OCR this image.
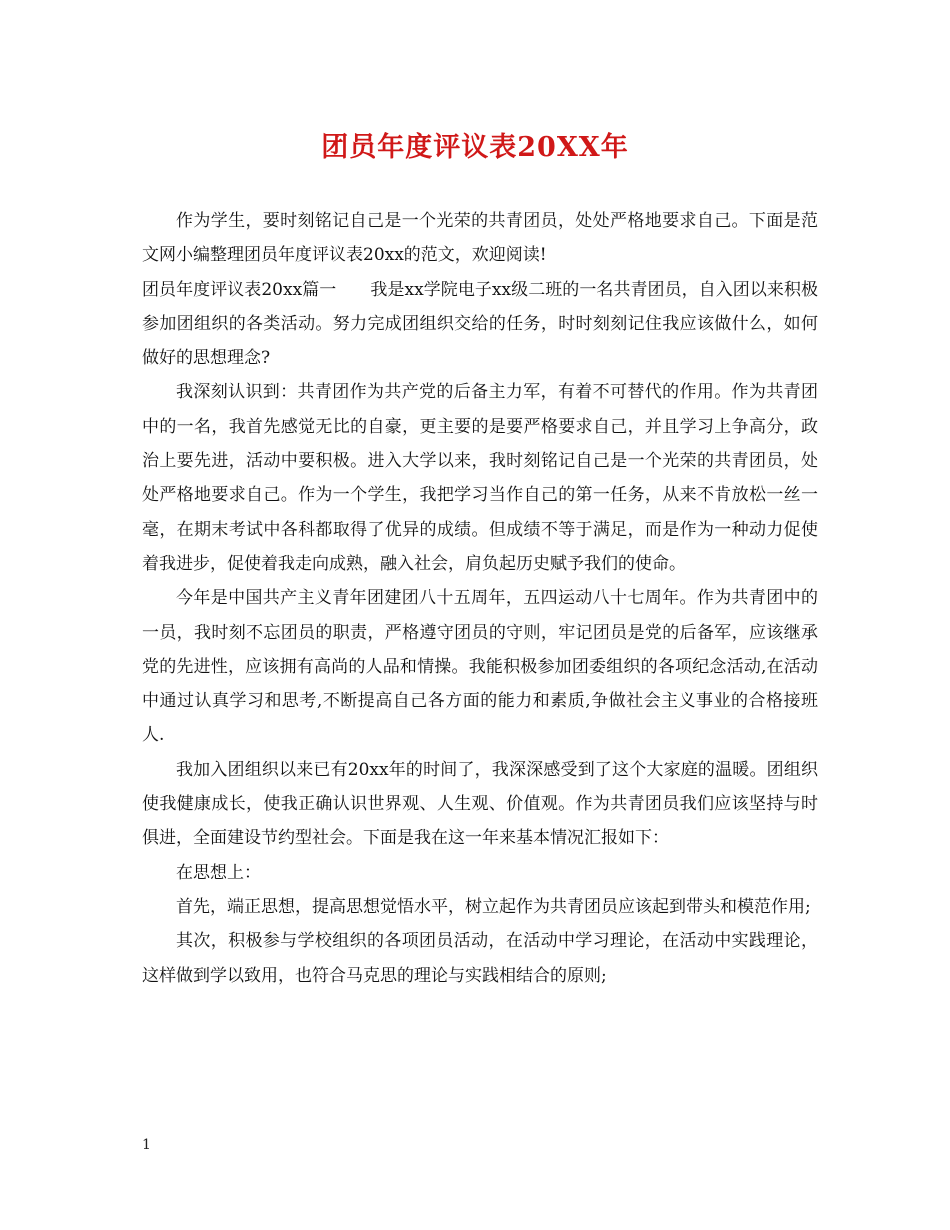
团员年度评议表20XX年

作为学生，要时刻铭记自己是一个光荣的共青团员，处处严格地要求自己。下面是范文网小编整理团员年度评议表20xx的范文，欢迎阅读!

团员年度评议表20xx篇一　　我是xx学院电子xx级二班的一名共青团员，自入团以来积极参加团组织的各类活动。努力完成团组织交给的任务，时时刻刻记住我应该做什么，如何做好的思想理念?

我深刻认识到：共青团作为共产党的后备主力军，有着不可替代的作用。作为共青团中的一名，我首先感觉无比的自豪，更主要的是要严格要求自己，并且学习上争高分，政治上要先进，活动中要积极。进入大学以来，我时刻铭记自己是一个光荣的共青团员，处处严格地要求自己。作为一个学生，我把学习当作自己的第一任务，从来不肯放松一丝一毫，在期末考试中各科都取得了优异的成绩。但成绩不等于满足，而是作为一种动力促使着我进步，促使着我走向成熟，融入社会，肩负起历史赋予我们的使命。

今年是中国共产主义青年团建团八十五周年，五四运动八十七周年。作为共青团中的一员，我时刻不忘团员的职责，严格遵守团员的守则，牢记团员是党的后备军，应该继承党的先进性，应该拥有高尚的人品和情操。我能积极参加团委组织的各项纪念活动,在活动中通过认真学习和思考,不断提高自己各方面的能力和素质,争做社会主义事业的合格接班人.

我加入团组织以来已有20xx年的时间了，我深深感受到了这个大家庭的温暖。团组织使我健康成长，使我正确认识世界观、人生观、价值观。作为共青团员我们应该坚持与时俱进，全面建设节约型社会。下面是我在这一年来基本情况汇报如下：

在思想上：

首先，端正思想，提高思想觉悟水平，树立起作为共青团员应该起到带头和模范作用;

其次，积极参与学校组织的各项团员活动，在活动中学习理论，在活动中实践理论，这样做到学以致用，也符合马克思的理论与实践相结合的原则;

1
